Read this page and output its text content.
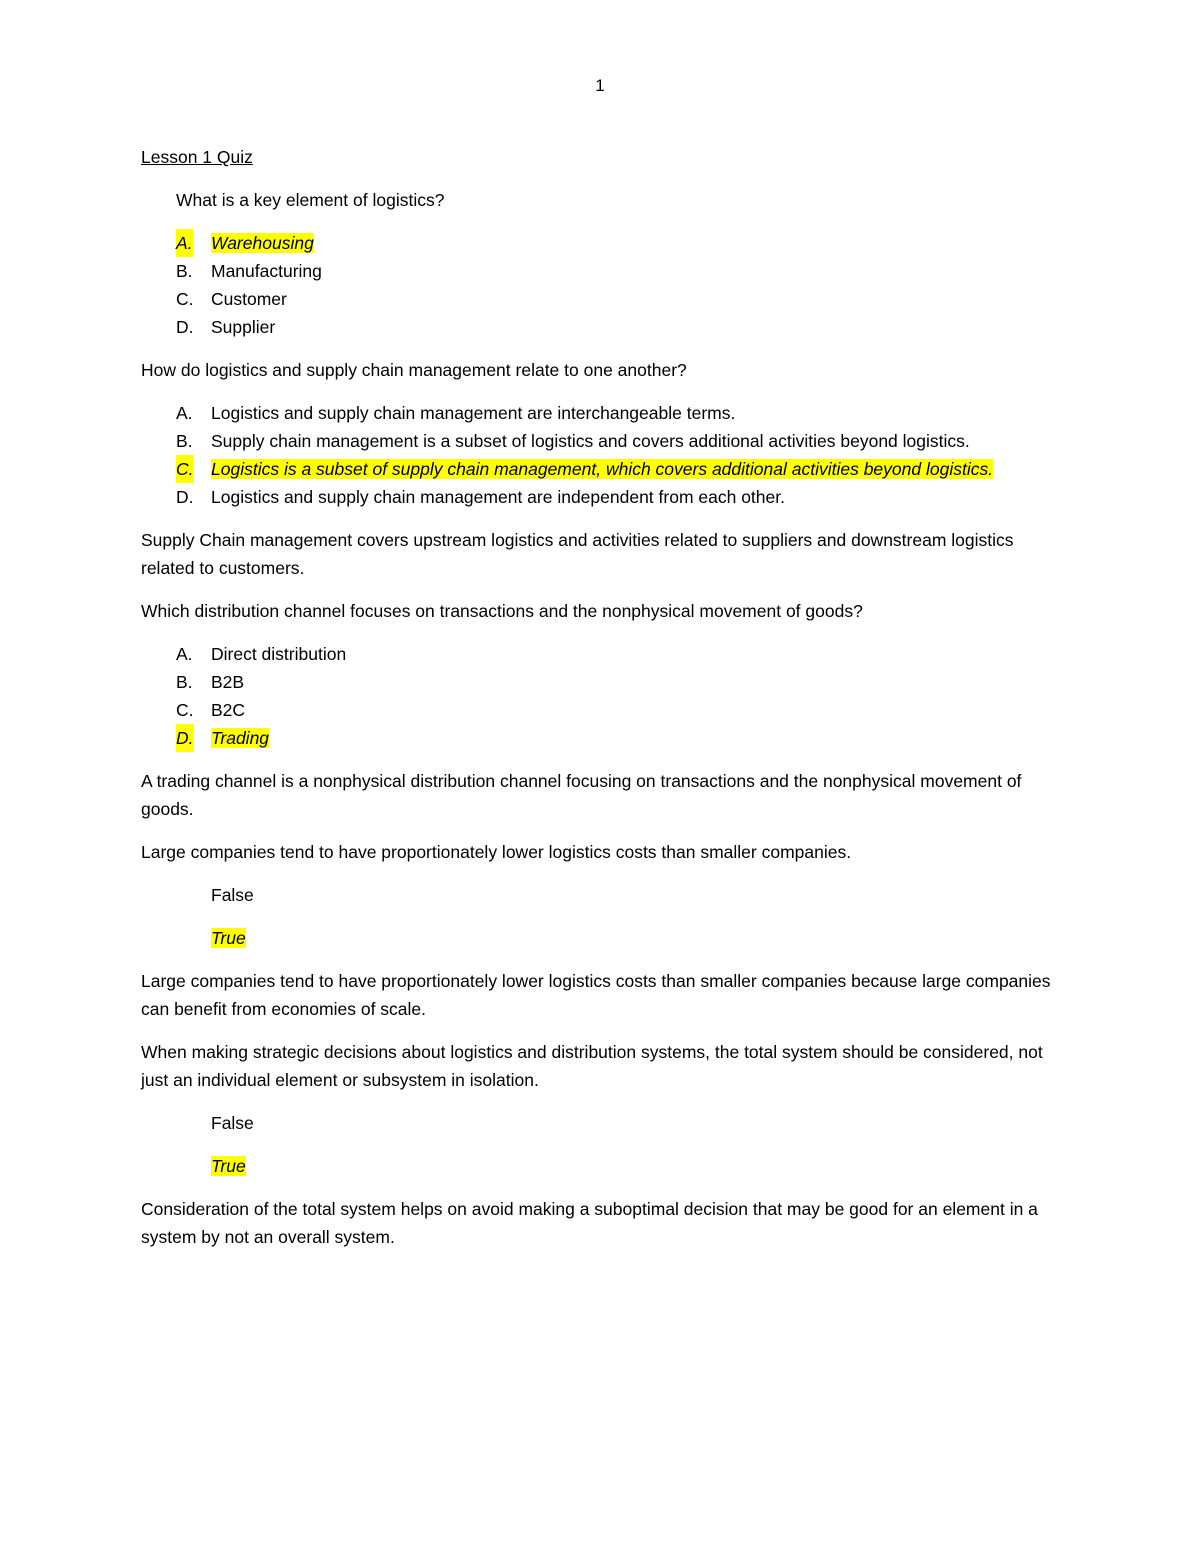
1
Lesson 1 Quiz
What is a key element of logistics?
A. Warehousing
B. Manufacturing
C. Customer
D. Supplier
How do logistics and supply chain management relate to one another?
A. Logistics and supply chain management are interchangeable terms.
B. Supply chain management is a subset of logistics and covers additional activities beyond logistics.
C. Logistics is a subset of supply chain management, which covers additional activities beyond logistics.
D. Logistics and supply chain management are independent from each other.
Supply Chain management covers upstream logistics and activities related to suppliers and downstream logistics related to customers.
Which distribution channel focuses on transactions and the nonphysical movement of goods?
A. Direct distribution
B. B2B
C. B2C
D. Trading
A trading channel is a nonphysical distribution channel focusing on transactions and the nonphysical movement of goods.
Large companies tend to have proportionately lower logistics costs than smaller companies.
False
True
Large companies tend to have proportionately lower logistics costs than smaller companies because large companies can benefit from economies of scale.
When making strategic decisions about logistics and distribution systems, the total system should be considered, not just an individual element or subsystem in isolation.
False
True
Consideration of the total system helps on avoid making a suboptimal decision that may be good for an element in a system by not an overall system.
